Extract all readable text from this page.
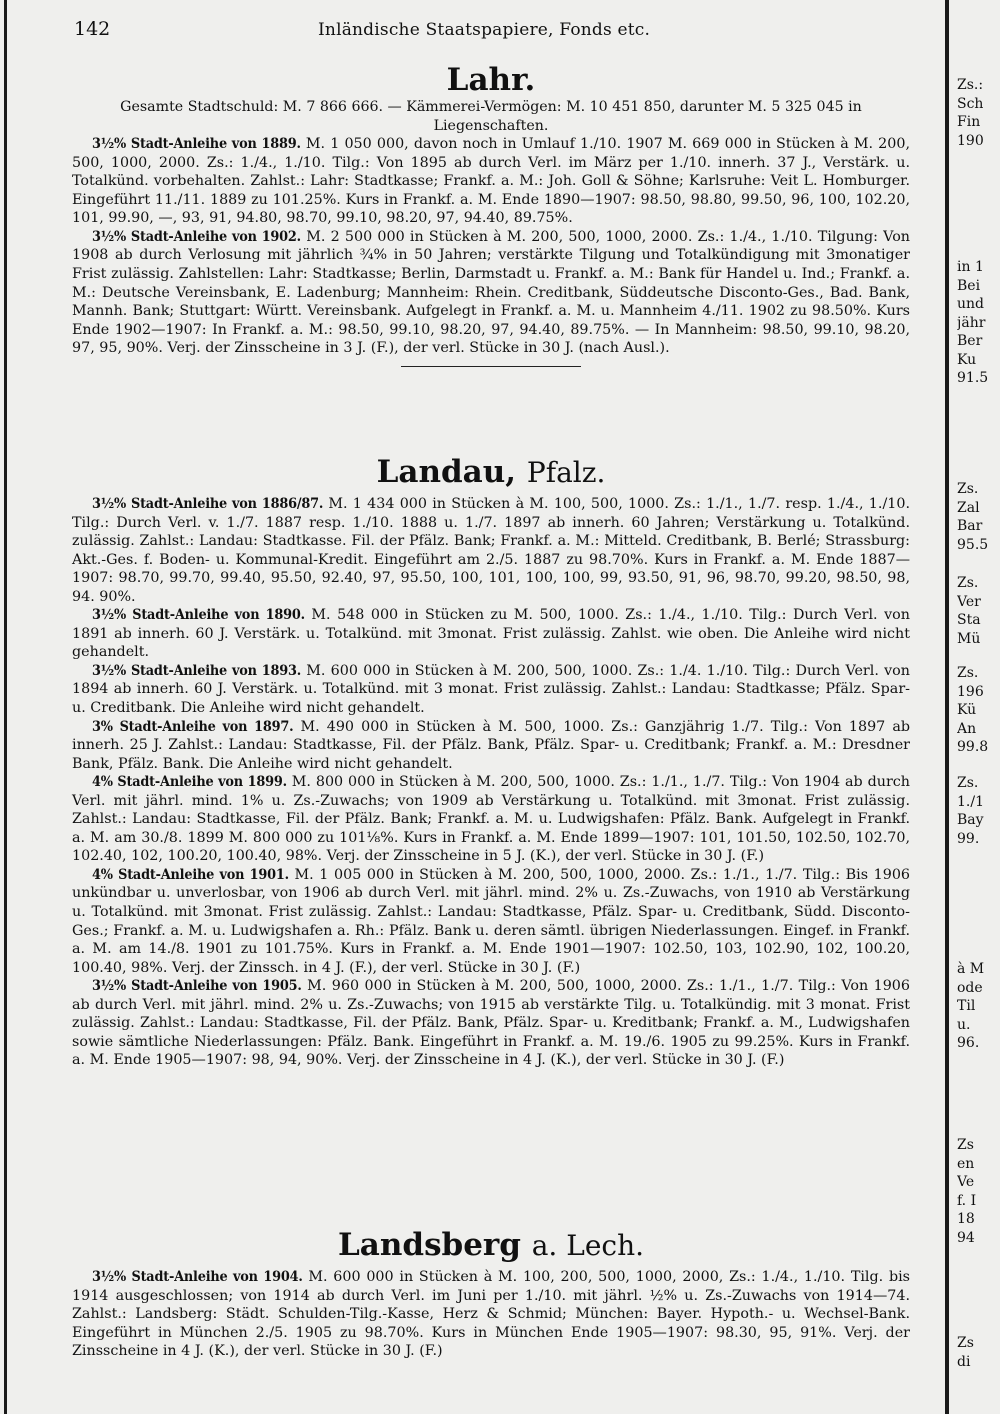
142	Inländische Staatspapiere, Fonds etc.
Lahr.
Gesamte Stadtschuld: M. 7 866 666. — Kämmerei-Vermögen: M. 10 451 850, darunter M. 5 325 045 in Liegenschaften.

3½% Stadt-Anleihe von 1889. M. 1 050 000, davon noch in Umlauf 1./10. 1907 M. 669 000 in Stücken à M. 200, 500, 1000, 2000. Zs.: 1./4., 1./10. Tilg.: Von 1895 ab durch Verl. im März per 1./10. innerh. 37 J., Verstärk. u. Totalkünd. vorbehalten. Zahlst.: Lahr: Stadtkasse; Frankf. a. M.: Joh. Goll & Söhne; Karlsruhe: Veit L. Homburger. Eingeführt 11./11. 1889 zu 101.25%. Kurs in Frankf. a. M. Ende 1890—1907: 98.50, 98.80, 99.50, 96, 100, 102.20, 101, 99.90, —, 93, 91, 94.80, 98.70, 99.10, 98.20, 97, 94.40, 89.75%.

3½% Stadt-Anleihe von 1902. M. 2 500 000 in Stücken à M. 200, 500, 1000, 2000. Zs.: 1./4., 1./10. Tilgung: Von 1908 ab durch Verlosung mit jährlich ¾% in 50 Jahren; verstärkte Tilgung und Totalkündigung mit 3monatiger Frist zulässig. Zahlstellen: Lahr: Stadtkasse; Berlin, Darmstadt u. Frankf. a. M.: Bank für Handel u. Ind.; Frankf. a. M.: Deutsche Vereinsbank, E. Ladenburg; Mannheim: Rhein. Creditbank, Süddeutsche Disconto-Ges., Bad. Bank, Mannh. Bank; Stuttgart: Württ. Vereinsbank. Aufgelegt in Frankf. a. M. u. Mannheim 4./11. 1902 zu 98.50%. Kurs Ende 1902—1907: In Frankf. a. M.: 98.50, 99.10, 98.20, 97, 94.40, 89.75%. — In Mannheim: 98.50, 99.10, 98.20, 97, 95, 90%. Verj. der Zinsscheine in 3 J. (F.), der verl. Stücke in 30 J. (nach Ausl.).

Landau, Pfalz.

3½% Stadt-Anleihe von 1886/87. M. 1 434 000 in Stücken à M. 100, 500, 1000. Zs.: 1./1., 1./7. resp. 1./4., 1./10. Tilg.: Durch Verl. v. 1./7. 1887 resp. 1./10. 1888 u. 1./7. 1897 ab innerh. 60 Jahren; Verstärkung u. Totalkünd. zulässig. Zahlst.: Landau: Stadtkasse. Fil. der Pfälz. Bank; Frankf. a. M.: Mitteld. Creditbank, B. Berlé; Strassburg: Akt.-Ges. f. Boden- u. Kommunal-Kredit. Eingeführt am 2./5. 1887 zu 98.70%. Kurs in Frankf. a. M. Ende 1887—1907: 98.70, 99.70, 99.40, 95.50, 92.40, 97, 95.50, 100, 101, 100, 100, 99, 93.50, 91, 96, 98.70, 99.20, 98.50, 98, 94. 90%.

3½% Stadt-Anleihe von 1890. M. 548 000 in Stücken zu M. 500, 1000. Zs.: 1./4., 1./10. Tilg.: Durch Verl. von 1891 ab innerh. 60 J. Verstärk. u. Totalkünd. mit 3monat. Frist zulässig. Zahlst. wie oben. Die Anleihe wird nicht gehandelt.

3½% Stadt-Anleihe von 1893. M. 600 000 in Stücken à M. 200, 500, 1000. Zs.: 1./4. 1./10. Tilg.: Durch Verl. von 1894 ab innerh. 60 J. Verstärk. u. Totalkünd. mit 3 monat. Frist zulässig. Zahlst.: Landau: Stadtkasse; Pfälz. Spar- u. Creditbank. Die Anleihe wird nicht gehandelt.

3% Stadt-Anleihe von 1897. M. 490 000 in Stücken à M. 500, 1000. Zs.: Ganzjährig 1./7. Tilg.: Von 1897 ab innerh. 25 J. Zahlst.: Landau: Stadtkasse, Fil. der Pfälz. Bank, Pfälz. Spar- u. Creditbank; Frankf. a. M.: Dresdner Bank, Pfälz. Bank. Die Anleihe wird nicht gehandelt.

4% Stadt-Anleihe von 1899. M. 800 000 in Stücken à M. 200, 500, 1000. Zs.: 1./1., 1./7. Tilg.: Von 1904 ab durch Verl. mit jährl. mind. 1% u. Zs.-Zuwachs; von 1909 ab Verstärkung u. Totalkünd. mit 3monat. Frist zulässig. Zahlst.: Landau: Stadtkasse, Fil. der Pfälz. Bank; Frankf. a. M. u. Ludwigshafen: Pfälz. Bank. Aufgelegt in Frankf. a. M. am 30./8. 1899 M. 800 000 zu 101⅛%. Kurs in Frankf. a. M. Ende 1899—1907: 101, 101.50, 102.50, 102.70, 102.40, 102, 100.20, 100.40, 98%. Verj. der Zinsscheine in 5 J. (K.), der verl. Stücke in 30 J. (F.)

4% Stadt-Anleihe von 1901. M. 1 005 000 in Stücken à M. 200, 500, 1000, 2000. Zs.: 1./1., 1./7. Tilg.: Bis 1906 unkündbar u. unverlosbar, von 1906 ab durch Verl. mit jährl. mind. 2% u. Zs.-Zuwachs, von 1910 ab Verstärkung u. Totalkünd. mit 3monat. Frist zulässig. Zahlst.: Landau: Stadtkasse, Pfälz. Spar- u. Creditbank, Südd. Disconto-Ges.; Frankf. a. M. u. Ludwigshafen a. Rh.: Pfälz. Bank u. deren sämtl. übrigen Niederlassungen. Eingef. in Frankf. a. M. am 14./8. 1901 zu 101.75%. Kurs in Frankf. a. M. Ende 1901—1907: 102.50, 103, 102.90, 102, 100.20, 100.40, 98%. Verj. der Zinssch. in 4 J. (F.), der verl. Stücke in 30 J. (F.)

3½% Stadt-Anleihe von 1905. M. 960 000 in Stücken à M. 200, 500, 1000, 2000. Zs.: 1./1., 1./7. Tilg.: Von 1906 ab durch Verl. mit jährl. mind. 2% u. Zs.-Zuwachs; von 1915 ab verstärkte Tilg. u. Totalkündig. mit 3 monat. Frist zulässig. Zahlst.: Landau: Stadtkasse, Fil. der Pfälz. Bank, Pfälz. Spar- u. Kreditbank; Frankf. a. M., Ludwigshafen sowie sämtliche Niederlassungen: Pfälz. Bank. Eingeführt in Frankf. a. M. 19./6. 1905 zu 99.25%. Kurs in Frankf. a. M. Ende 1905—1907: 98, 94, 90%. Verj. der Zinsscheine in 4 J. (K.), der verl. Stücke in 30 J. (F.)

Landsberg a. Lech.

3½% Stadt-Anleihe von 1904. M. 600 000 in Stücken à M. 100, 200, 500, 1000, 2000, Zs.: 1./4., 1./10. Tilg. bis 1914 ausgeschlossen; von 1914 ab durch Verl. im Juni per 1./10. mit jährl. ½% u. Zs.-Zuwachs von 1914—74. Zahlst.: Landsberg: Städt. Schulden-Tilg.-Kasse, Herz & Schmid; München: Bayer. Hypoth.- u. Wechsel-Bank. Eingeführt in München 2./5. 1905 zu 98.70%. Kurs in München Ende 1905—1907: 98.30, 95, 91%. Verj. der Zinsscheine in 4 J. (K.), der verl. Stücke in 30 J. (F.)

Zs.:
Sch
Fin
190
in 1
Bei
und
jähr
Ber
Ku
91.5
Zs.
Zal
Bar
95.5
Zs.
Ver
Sta
Mü
Zs.
196
Kü
An
99.8
Zs.
1./1
Bay
99.
à M
ode
Til
u.
96.
Zs
en
Ve
f. I
18
94
Zs
di
